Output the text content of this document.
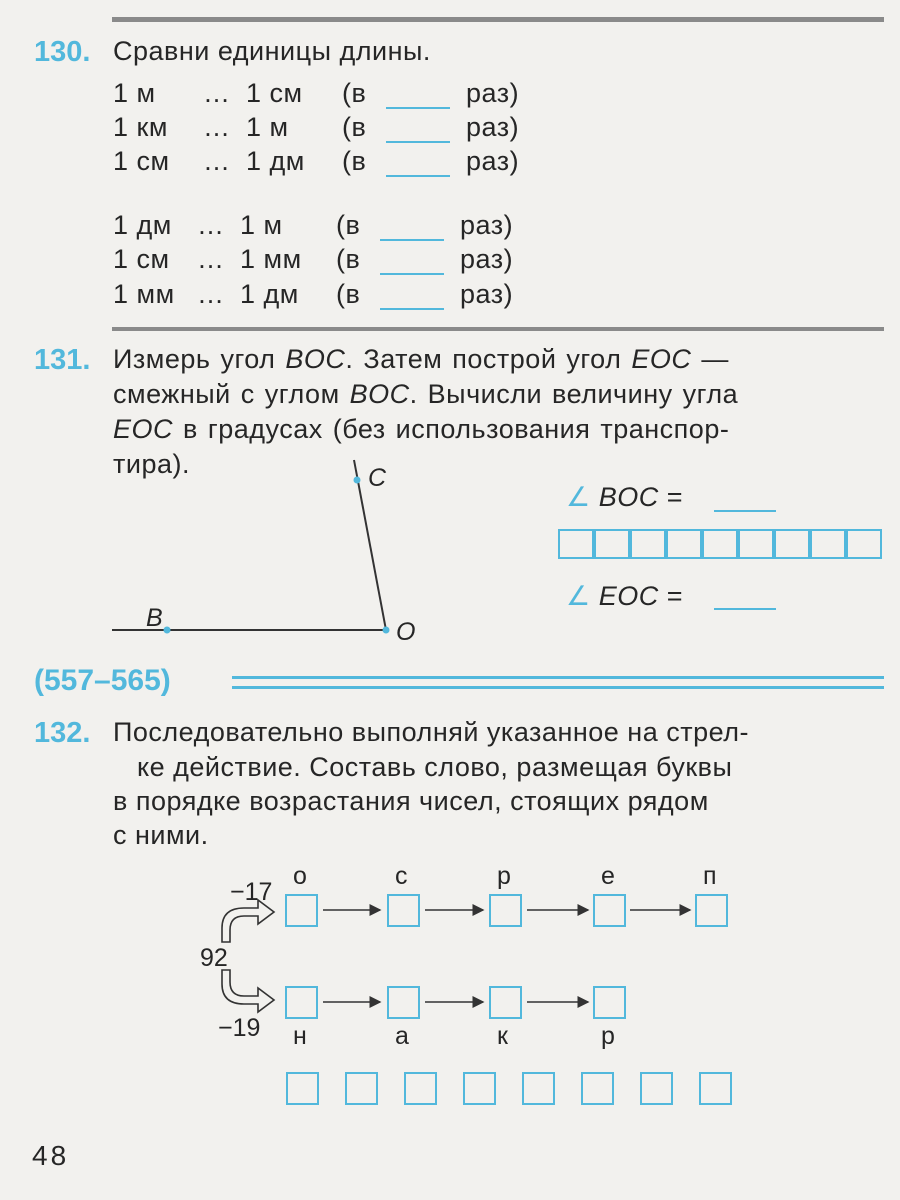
130. Сравни единицы длины.
1 м … 1 см (в	раз)
1 км … 1 м (в	раз)
1 см … 1 дм (в	раз)
1 дм … 1 м (в	раз)
1 см … 1 мм (в	раз)
1 мм … 1 дм (в	раз)
131. Измерь угол BOC. Затем построй угол EOC —
смежный с углом BOC. Вычисли величину угла
EOC в градусах (без использования транспор-
тира).	C
B	O
∠ BOC =
∠ EOC =
(557–565)
132. Последовательно выполняй указанное на стрел-
ке действие. Составь слово, размещая буквы
в порядке возрастания чисел, стоящих рядом
с ними.
−17
92
−19
о	с	р	е	п
н	а	к	р
48
